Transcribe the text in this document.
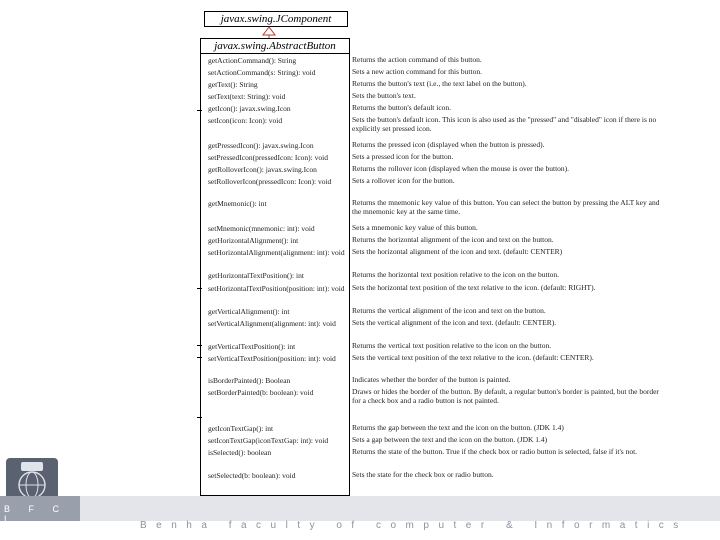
javax.swing.JComponent
javax.swing.AbstractButton
getActionCommand(): String
setActionCommand(s: String): void
getText(): String
setText(text: String): void
getIcon(): javax.swing.Icon
setIcon(icon: Icon): void
getPressedIcon(): javax.swing.Icon
setPressedIcon(pressedIcon: Icon): void
getRolloverIcon(): javax.swing.Icon
setRolloverIcon(pressedIcon: Icon): void
getMnemonic(): int
setMnemonic(mnemonic: int): void
getHorizontalAlignment(): int
setHorizontalAlignment(alignment: int): void
getHorizontalTextPosition(): int
setHorizontalTextPosition(position: int): void
getVerticalAlignment(): int
setVerticalAlignment(alignment: int): void
getVerticalTextPosition(): int
setVerticalTextPosition(position: int): void
isBorderPainted(): Boolean
setBorderPainted(b: boolean): void
getIconTextGap(): int
setIconTextGap(iconTextGap: int): void
isSelected(): boolean
setSelected(b: boolean): void
Returns the action command of this button.
Sets a new action command for this button.
Returns the button's text (i.e., the text label on the button).
Sets the button's text.
Returns the button's default icon.
Sets the button's default icon. This icon is also used as the "pressed" and "disabled" icon if there is no explicitly set pressed icon.
Returns the pressed icon (displayed when the button is pressed).
Sets a pressed icon for the button.
Returns the rollover icon (displayed when the mouse is over the button).
Sets a rollover icon for the button.
Returns the mnemonic key value of this button. You can select the button by pressing the ALT key and the mnemonic key at the same time.
Sets a mnemonic key value of this button.
Returns the horizontal alignment of the icon and text on the button.
Sets the horizontal alignment of the icon and text. (default: CENTER)
Returns the horizontal text position relative to the icon on the button.
Sets the horizontal text position of the text relative to the icon. (default: RIGHT).
Returns the vertical alignment of the icon and text on the button.
Sets the vertical alignment of the icon and text. (default: CENTER).
Returns the vertical text position relative to the icon on the button.
Sets the vertical text position of the text relative to the icon. (default: CENTER).
Indicates whether the border of the button is painted.
Draws or hides the border of the button. By default, a regular button's border is painted, but the border for a check box and a radio button is not painted.
Returns the gap between the text and the icon on the button. (JDK 1.4)
Sets a gap between the text and the icon on the button. (JDK 1.4)
Returns the state of the button. True if the check box or radio button is selected, false if it's not.
Sets the state for the check box or radio button.
B F C I
Benha faculty of computer & Informatics
